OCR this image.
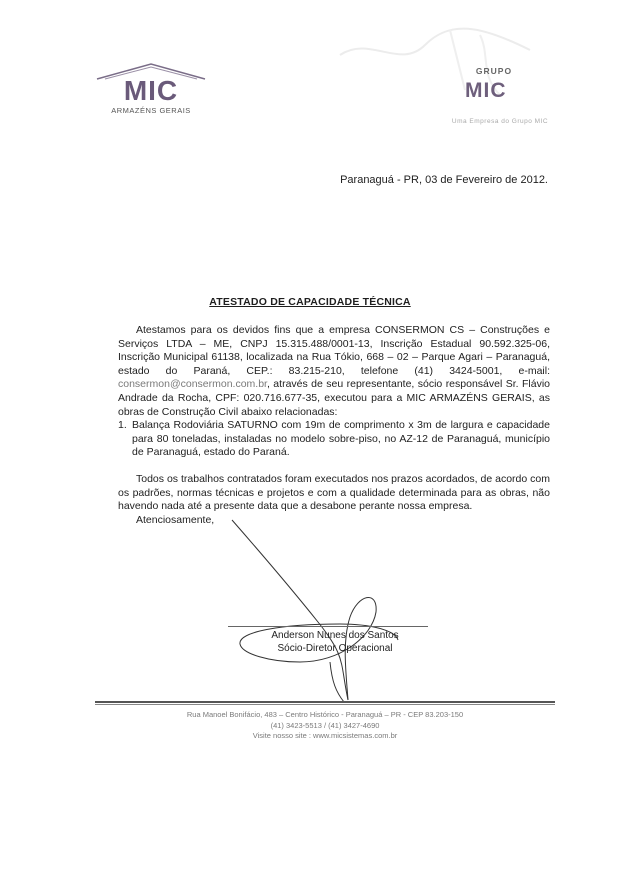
MIC
ARMAZÉNS GERAIS
GRUPO
MIC
Uma Empresa do Grupo MIC
Paranaguá - PR, 03 de Fevereiro de 2012.
ATESTADO DE CAPACIDADE TÉCNICA

Atestamos para os devidos fins que a empresa CONSERMON CS – Construções e Serviços LTDA – ME, CNPJ 15.315.488/0001-13, Inscrição Estadual 90.592.325-06, Inscrição Municipal 61138, localizada na Rua Tókio, 668 – 02 – Parque Agari – Paranaguá, estado do Paraná, CEP.: 83.215-210, telefone (41) 3424-5001, e-mail: consermon@consermon.com.br, através de seu representante, sócio responsável Sr. Flávio Andrade da Rocha, CPF: 020.716.677-35, executou para a MIC ARMAZÉNS GERAIS, as obras de Construção Civil abaixo relacionadas:

1. Balança Rodoviária SATURNO com 19m de comprimento x 3m de largura e capacidade para 80 toneladas, instaladas no modelo sobre-piso, no AZ-12 de Paranaguá, município de Paranaguá, estado do Paraná.

Todos os trabalhos contratados foram executados nos prazos acordados, de acordo com os padrões, normas técnicas e projetos e com a qualidade determinada para as obras, não havendo nada até a presente data que a desabone perante nossa empresa.

Atenciosamente,

Anderson Nunes dos Santos
Sócio-Diretor Operacional
Rua Manoel Bonifácio, 483 – Centro Histórico - Paranaguá – PR - CEP 83.203-150
(41) 3423-5513 / (41) 3427-4690
Visite nosso site : www.micsistemas.com.br
